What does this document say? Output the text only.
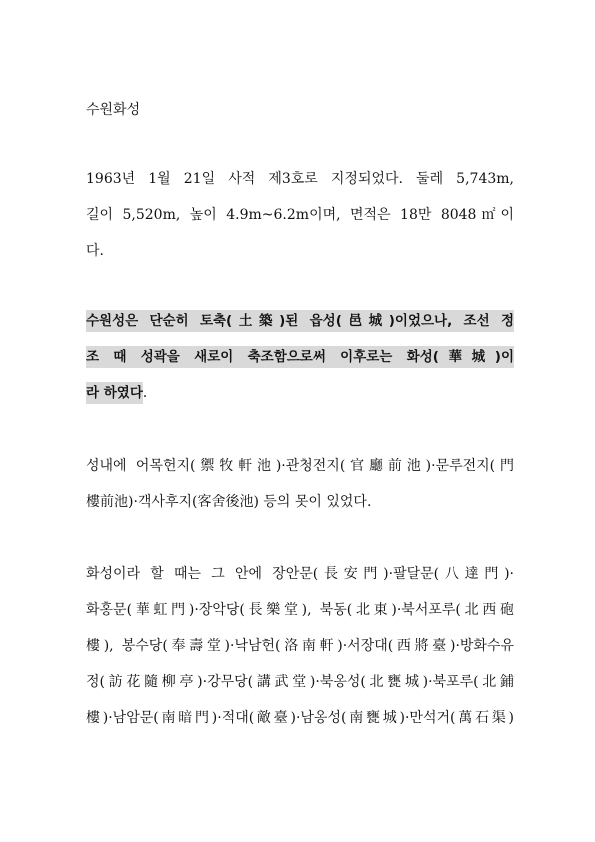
수원화성
1963년 1월 21일 사적 제3호로 지정되었다. 둘레 5,743m,
길이 5,520m, 높이 4.9m~6.2m이며, 면적은 18만 8048㎡이
다.
수원성은 단순히 토축(土築)된 읍성(邑城)이었으나, 조선 정
조 때 성곽을 새로이 축조함으로써 이후로는 화성(華城)이
라 하였다.
성내에 어목헌지(禦牧軒池)·관청전지(官廳前池)·문루전지(門
樓前池)·객사후지(客舍後池) 등의 못이 있었다.
화성이라 할 때는 그 안에 장안문(長安門)·팔달문(八達門)·
화홍문(華虹門)·장악당(長樂堂), 북동(北東)·북서포루(北西砲
樓), 봉수당(奉壽堂)·낙남헌(洛南軒)·서장대(西將臺)·방화수유
정(訪花隨柳亭)·강무당(講武堂)·북옹성(北甕城)·북포루(北鋪
樓)·남암문(南暗門)·적대(敵臺)·남옹성(南甕城)·만석거(萬石渠)
